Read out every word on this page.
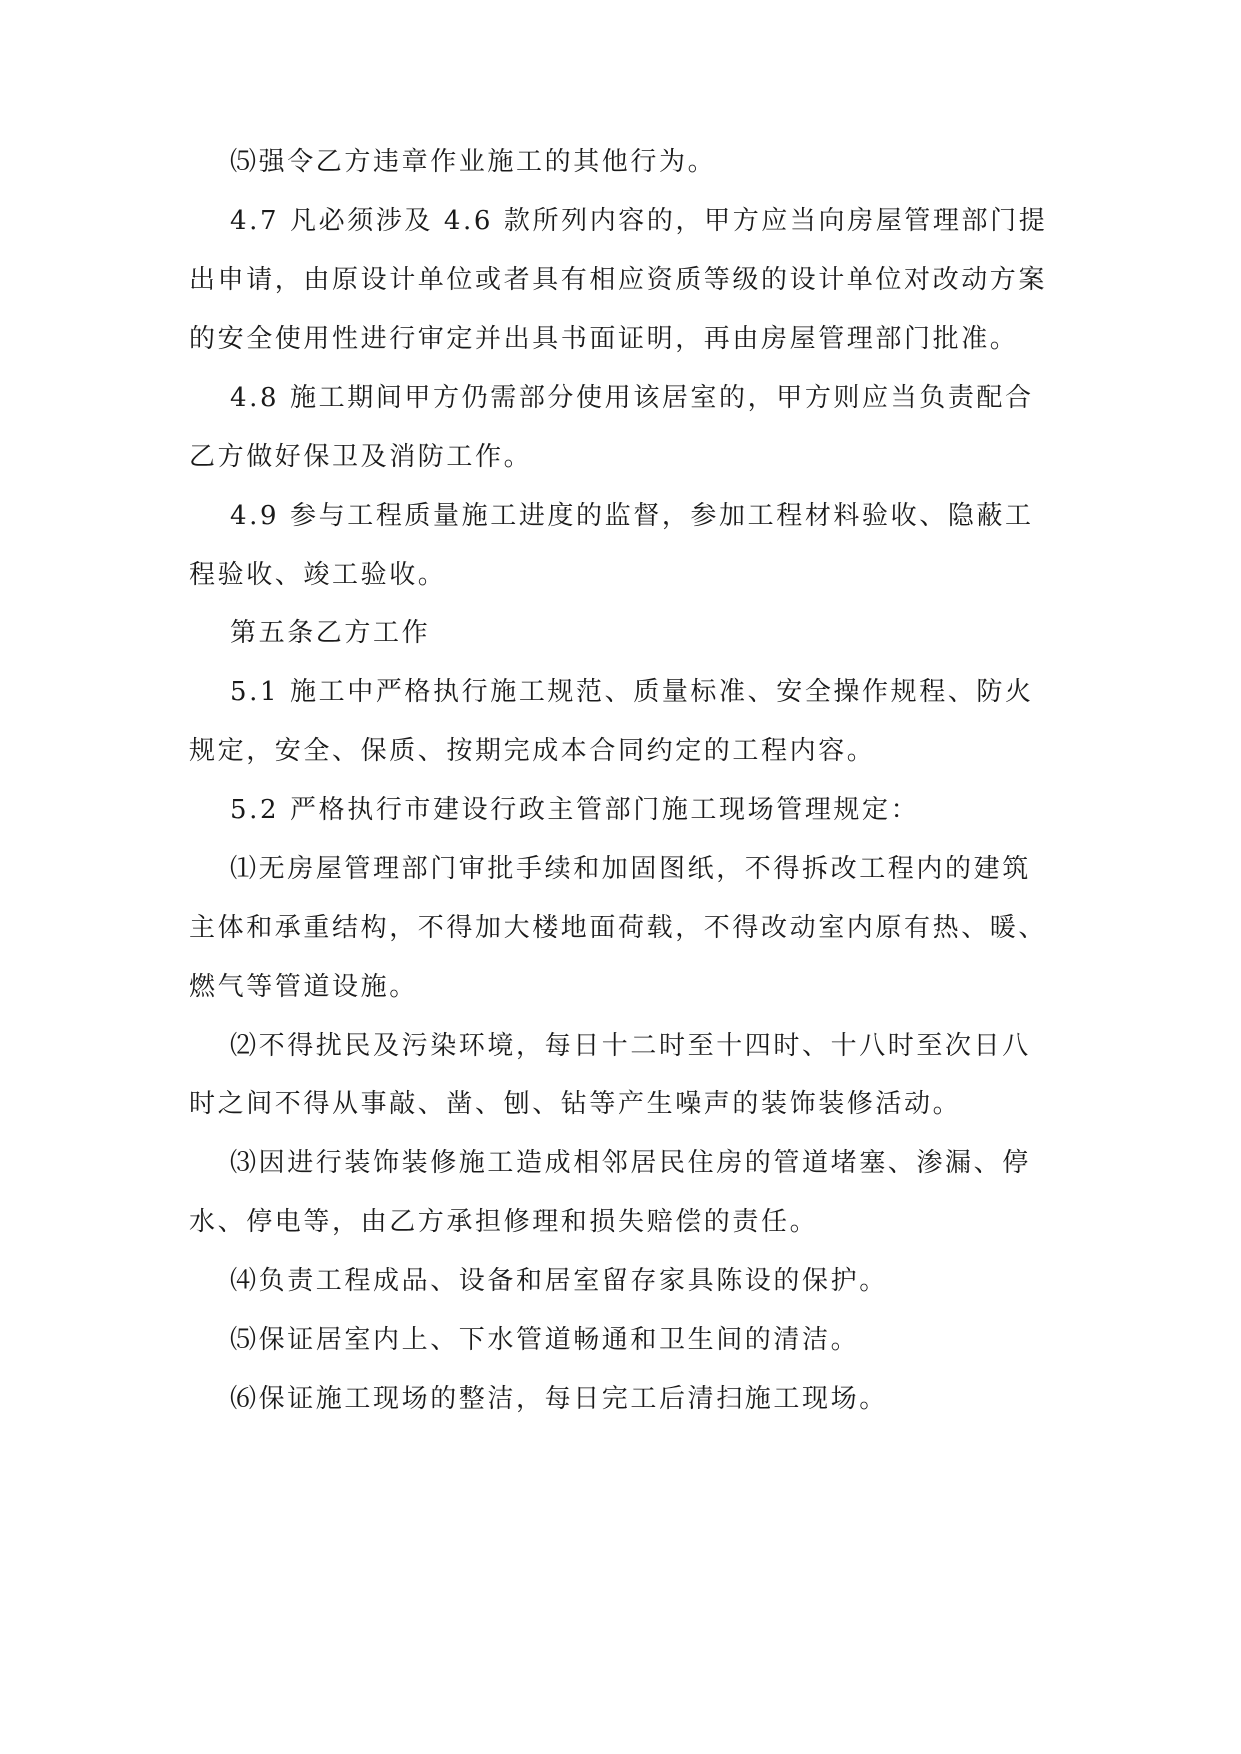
⑸强令乙方违章作业施工的其他行为。
4.7 凡必须涉及 4.6 款所列内容的，甲方应当向房屋管理部门提
出申请，由原设计单位或者具有相应资质等级的设计单位对改动方案
的安全使用性进行审定并出具书面证明，再由房屋管理部门批准。
4.8 施工期间甲方仍需部分使用该居室的，甲方则应当负责配合
乙方做好保卫及消防工作。
4.9 参与工程质量施工进度的监督，参加工程材料验收、隐蔽工
程验收、竣工验收。
第五条乙方工作
5.1 施工中严格执行施工规范、质量标准、安全操作规程、防火
规定，安全、保质、按期完成本合同约定的工程内容。
5.2 严格执行市建设行政主管部门施工现场管理规定：
⑴无房屋管理部门审批手续和加固图纸，不得拆改工程内的建筑
主体和承重结构，不得加大楼地面荷载，不得改动室内原有热、暖、
燃气等管道设施。
⑵不得扰民及污染环境，每日十二时至十四时、十八时至次日八
时之间不得从事敲、凿、刨、钻等产生噪声的装饰装修活动。
⑶因进行装饰装修施工造成相邻居民住房的管道堵塞、渗漏、停
水、停电等，由乙方承担修理和损失赔偿的责任。
⑷负责工程成品、设备和居室留存家具陈设的保护。
⑸保证居室内上、下水管道畅通和卫生间的清洁。
⑹保证施工现场的整洁，每日完工后清扫施工现场。
